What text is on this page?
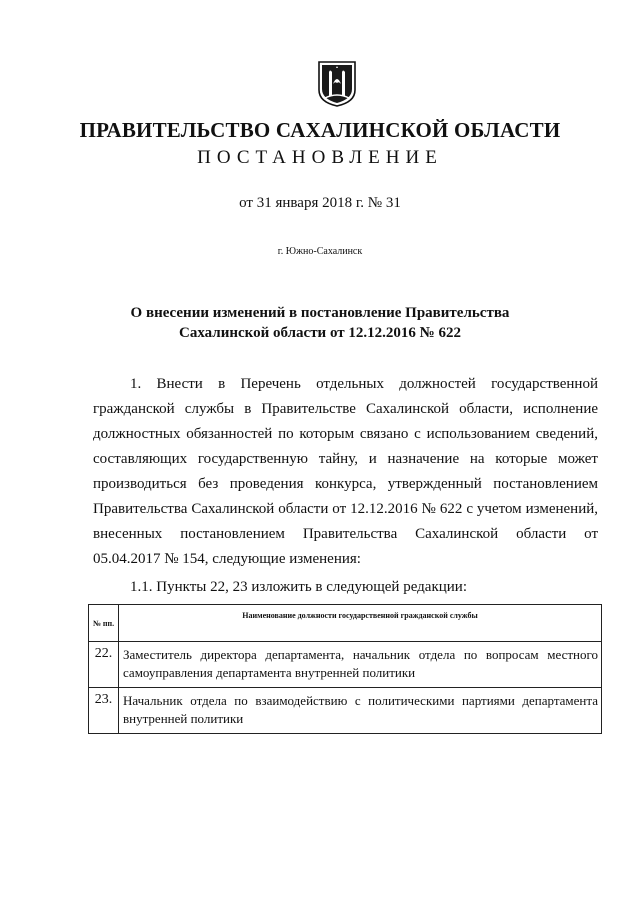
ПРАВИТЕЛЬСТВО САХАЛИНСКОЙ ОБЛАСТИ
ПОСТАНОВЛЕНИЕ
от 31 января 2018 г. № 31
г. Южно-Сахалинск
О внесении изменений в постановление Правительства Сахалинской области от 12.12.2016 № 622

1. Внести в Перечень отдельных должностей государственной гражданской службы в Правительстве Сахалинской области, исполнение должностных обязанностей по которым связано с использованием сведений, составляющих государственную тайну, и назначение на которые может производиться без проведения конкурса, утвержденный постановлением Правительства Сахалинской области от 12.12.2016 № 622 с учетом изменений, внесенных постановлением Правительства Сахалинской области от 05.04.2017 № 154, следующие изменения:

1.1. Пункты 22, 23 изложить в следующей редакции:

№ пп.	Наименование должности государственной гражданской службы
22.	Заместитель директора департамента, начальник отдела по вопросам местного самоуправления департамента внутренней политики
23.	Начальник отдела по взаимодействию с политическими партиями департамента внутренней политики
